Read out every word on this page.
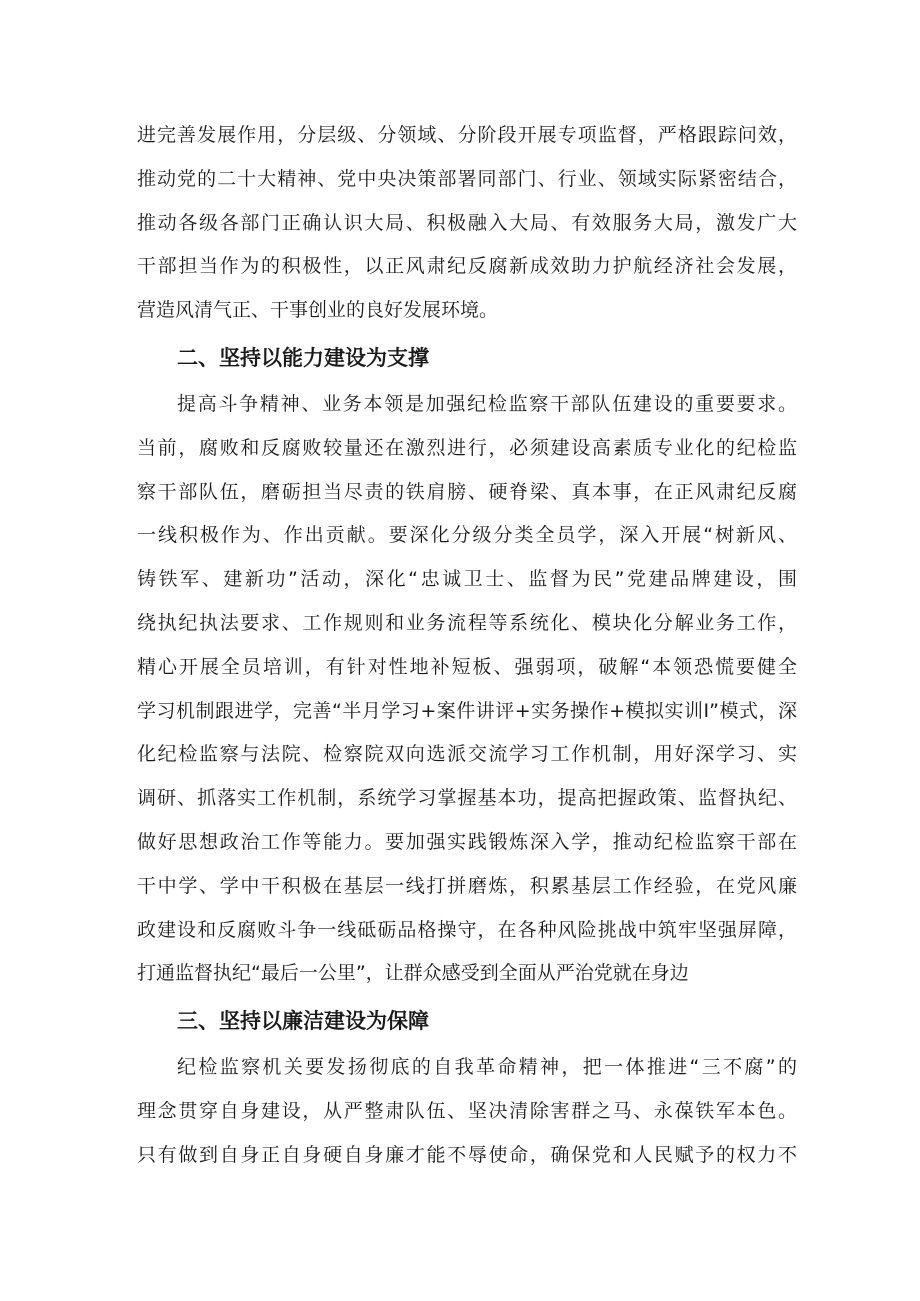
进完善发展作用，分层级、分领域、分阶段开展专项监督，严格跟踪问效，
推动党的二十大精神、党中央决策部署同部门、行业、领域实际紧密结合，
推动各级各部门正确认识大局、积极融入大局、有效服务大局，激发广大
干部担当作为的积极性，以正风肃纪反腐新成效助力护航经济社会发展，
营造风清气正、干事创业的良好发展环境。
二、坚持以能力建设为支撑
提高斗争精神、业务本领是加强纪检监察干部队伍建设的重要要求。
当前，腐败和反腐败较量还在激烈进行，必须建设高素质专业化的纪检监
察干部队伍，磨砺担当尽责的铁肩膀、硬脊梁、真本事，在正风肃纪反腐
一线积极作为、作出贡献。要深化分级分类全员学，深入开展“树新风、
铸铁军、建新功”活动，深化“忠诚卫士、监督为民”党建品牌建设，围
绕执纪执法要求、工作规则和业务流程等系统化、模块化分解业务工作，
精心开展全员培训，有针对性地补短板、强弱项，破解“本领恐慌要健全
学习机制跟进学，完善“半月学习+案件讲评+实务操作+模拟实训I”模式，深
化纪检监察与法院、检察院双向选派交流学习工作机制，用好深学习、实
调研、抓落实工作机制，系统学习掌握基本功，提高把握政策、监督执纪、
做好思想政治工作等能力。要加强实践锻炼深入学，推动纪检监察干部在
干中学、学中干积极在基层一线打拼磨炼，积累基层工作经验，在党风廉
政建设和反腐败斗争一线砥砺品格操守，在各种风险挑战中筑牢坚强屏障，
打通监督执纪“最后一公里”，让群众感受到全面从严治党就在身边
三、坚持以廉洁建设为保障
纪检监察机关要发扬彻底的自我革命精神，把一体推进“三不腐”的
理念贯穿自身建设，从严整肃队伍、坚决清除害群之马、永葆铁军本色。
只有做到自身正自身硬自身廉才能不辱使命，确保党和人民赋予的权力不
